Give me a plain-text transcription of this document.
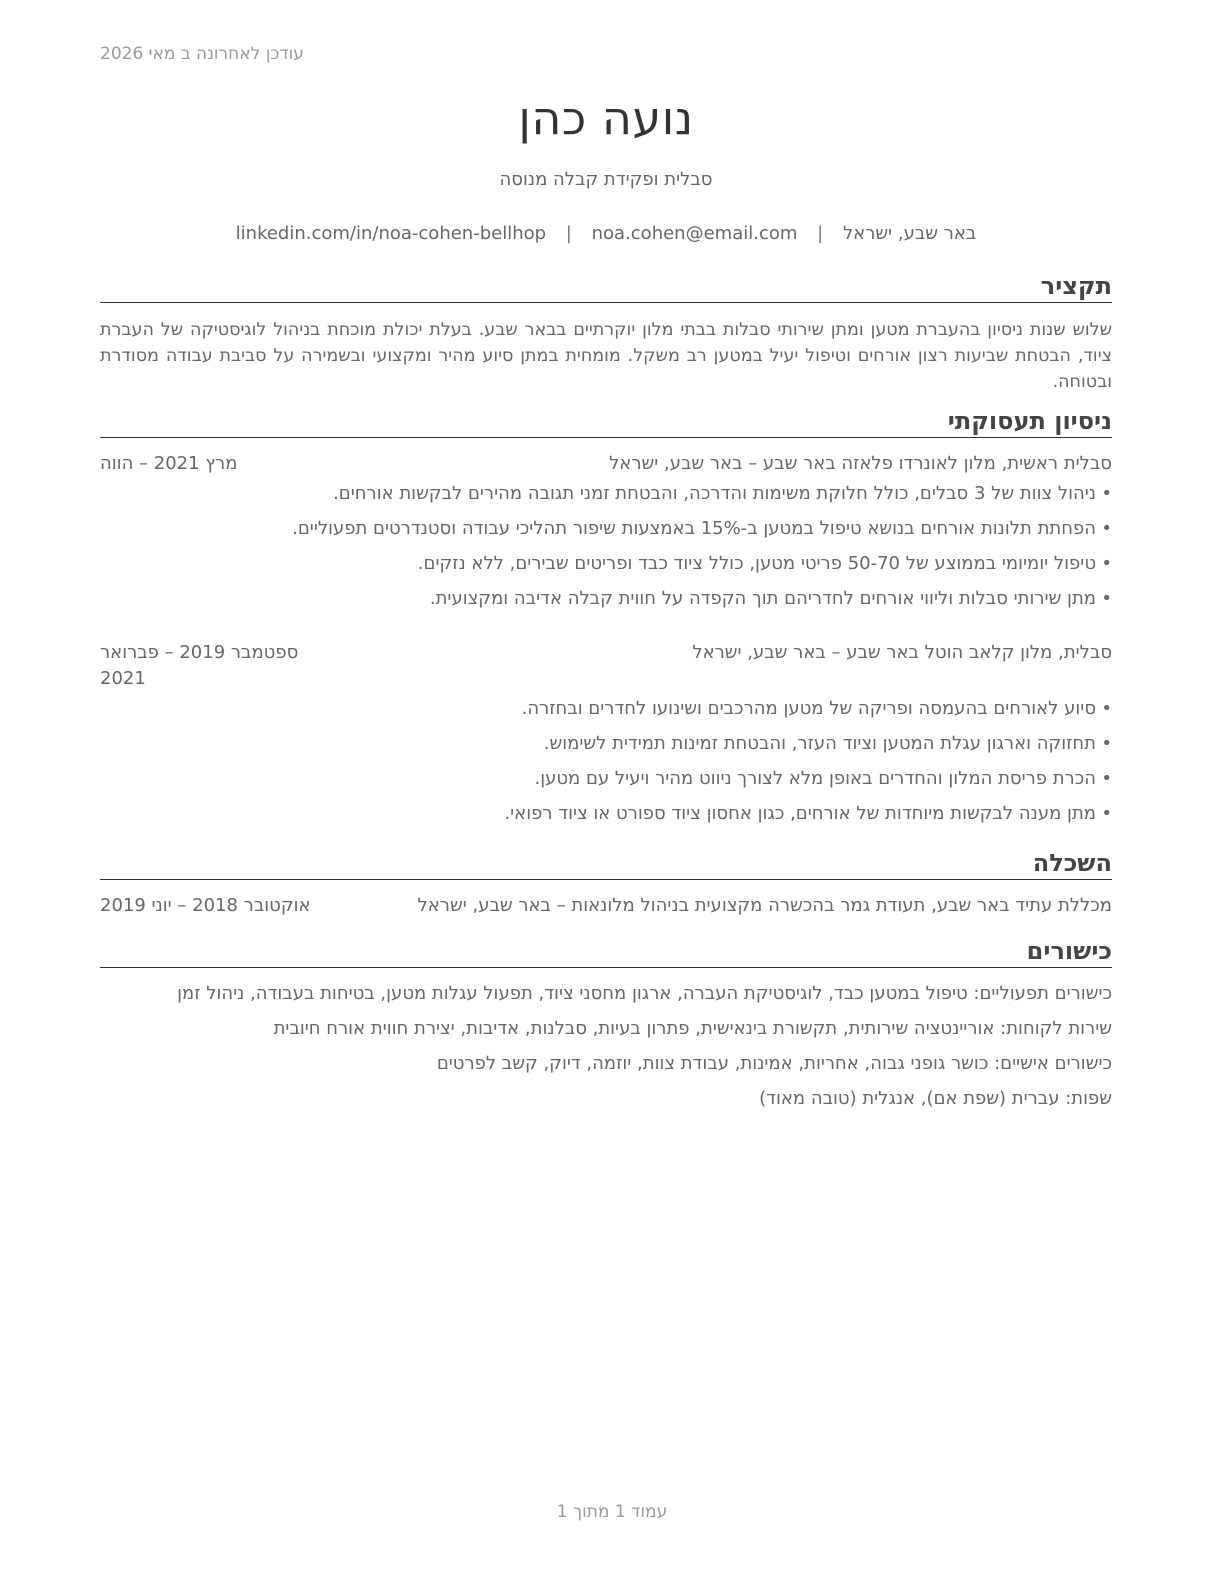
עודכן לאחרונה ב מאי 2026
נועה כהן
סבלית ופקידת קבלה מנוסה
באר שבע, ישראל | noa.cohen@email.com | linkedin.com/in/noa-cohen-bellhop
תקציר
שלוש שנות ניסיון בהעברת מטען ומתן שירותי סבלות בבתי מלון יוקרתיים בבאר שבע. בעלת יכולת מוכחת בניהול לוגיסטיקה של העברת ציוד, הבטחת שביעות רצון אורחים וטיפול יעיל במטען רב משקל. מומחית במתן סיוע מהיר ומקצועי ובשמירה על סביבת עבודה מסודרת ובטוחה.
ניסיון תעסוקתי
סבלית ראשית, מלון לאונרדו פלאזה באר שבע – באר שבע, ישראל
מרץ 2021 – הווה
•
ניהול צוות של 3 סבלים, כולל חלוקת משימות והדרכה, והבטחת זמני תגובה מהירים לבקשות אורחים.
•
הפחתת תלונות אורחים בנושא טיפול במטען ב-15% באמצעות שיפור תהליכי עבודה וסטנדרטים תפעוליים.
•
טיפול יומיומי בממוצע של 50-70 פריטי מטען, כולל ציוד כבד ופריטים שבירים, ללא נזקים.
•
מתן שירותי סבלות וליווי אורחים לחדריהם תוך הקפדה על חווית קבלה אדיבה ומקצועית.
סבלית, מלון קלאב הוטל באר שבע – באר שבע, ישראל
ספטמבר 2019 – פברואר 2021
•
סיוע לאורחים בהעמסה ופריקה של מטען מהרכבים ושינועו לחדרים ובחזרה.
•
תחזוקה וארגון עגלת המטען וציוד העזר, והבטחת זמינות תמידית לשימוש.
•
הכרת פריסת המלון והחדרים באופן מלא לצורך ניווט מהיר ויעיל עם מטען.
•
מתן מענה לבקשות מיוחדות של אורחים, כגון אחסון ציוד ספורט או ציוד רפואי.
השכלה
מכללת עתיד באר שבע, תעודת גמר בהכשרה מקצועית בניהול מלונאות – באר שבע, ישראל
אוקטובר 2018 – יוני 2019
כישורים
כישורים תפעוליים: טיפול במטען כבד, לוגיסטיקת העברה, ארגון מחסני ציוד, תפעול עגלות מטען, בטיחות בעבודה, ניהול זמן
שירות לקוחות: אוריינטציה שירותית, תקשורת בינאישית, פתרון בעיות, סבלנות, אדיבות, יצירת חווית אורח חיובית
כישורים אישיים: כושר גופני גבוה, אחריות, אמינות, עבודת צוות, יוזמה, דיוק, קשב לפרטים
שפות: עברית (שפת אם), אנגלית (טובה מאוד)
עמוד 1 מתוך 1
